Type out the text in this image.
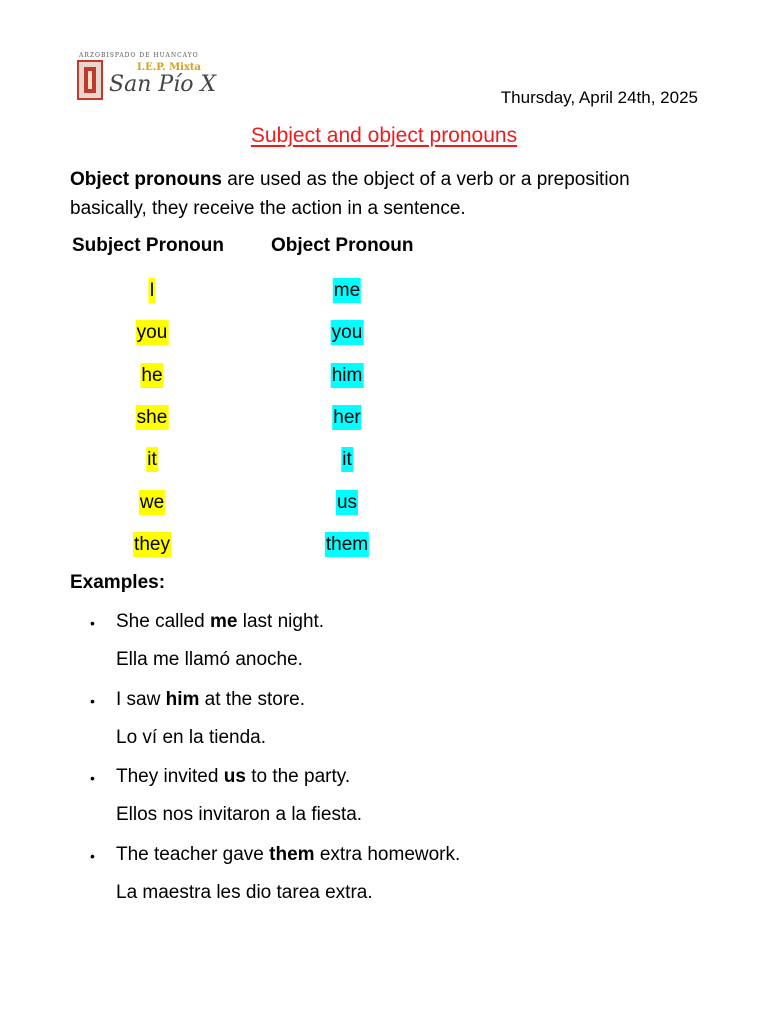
ARZOBISPADO DE HUANCAYO
I.E.P. Mixta
San Pío X
Thursday, April 24th, 2025
Subject and object pronouns
Object pronouns are used as the object of a verb or a preposition basically, they receive the action in a sentence.
Subject Pronoun Object Pronoun
I
you
he
she
it
we
they
me
you
him
her
it
us
them
Examples:
• She called me last night.
Ella me llamó anoche.
• I saw him at the store.
Lo ví en la tienda.
• They invited us to the party.
Ellos nos invitaron a la fiesta.
• The teacher gave them extra homework.
La maestra les dio tarea extra.
